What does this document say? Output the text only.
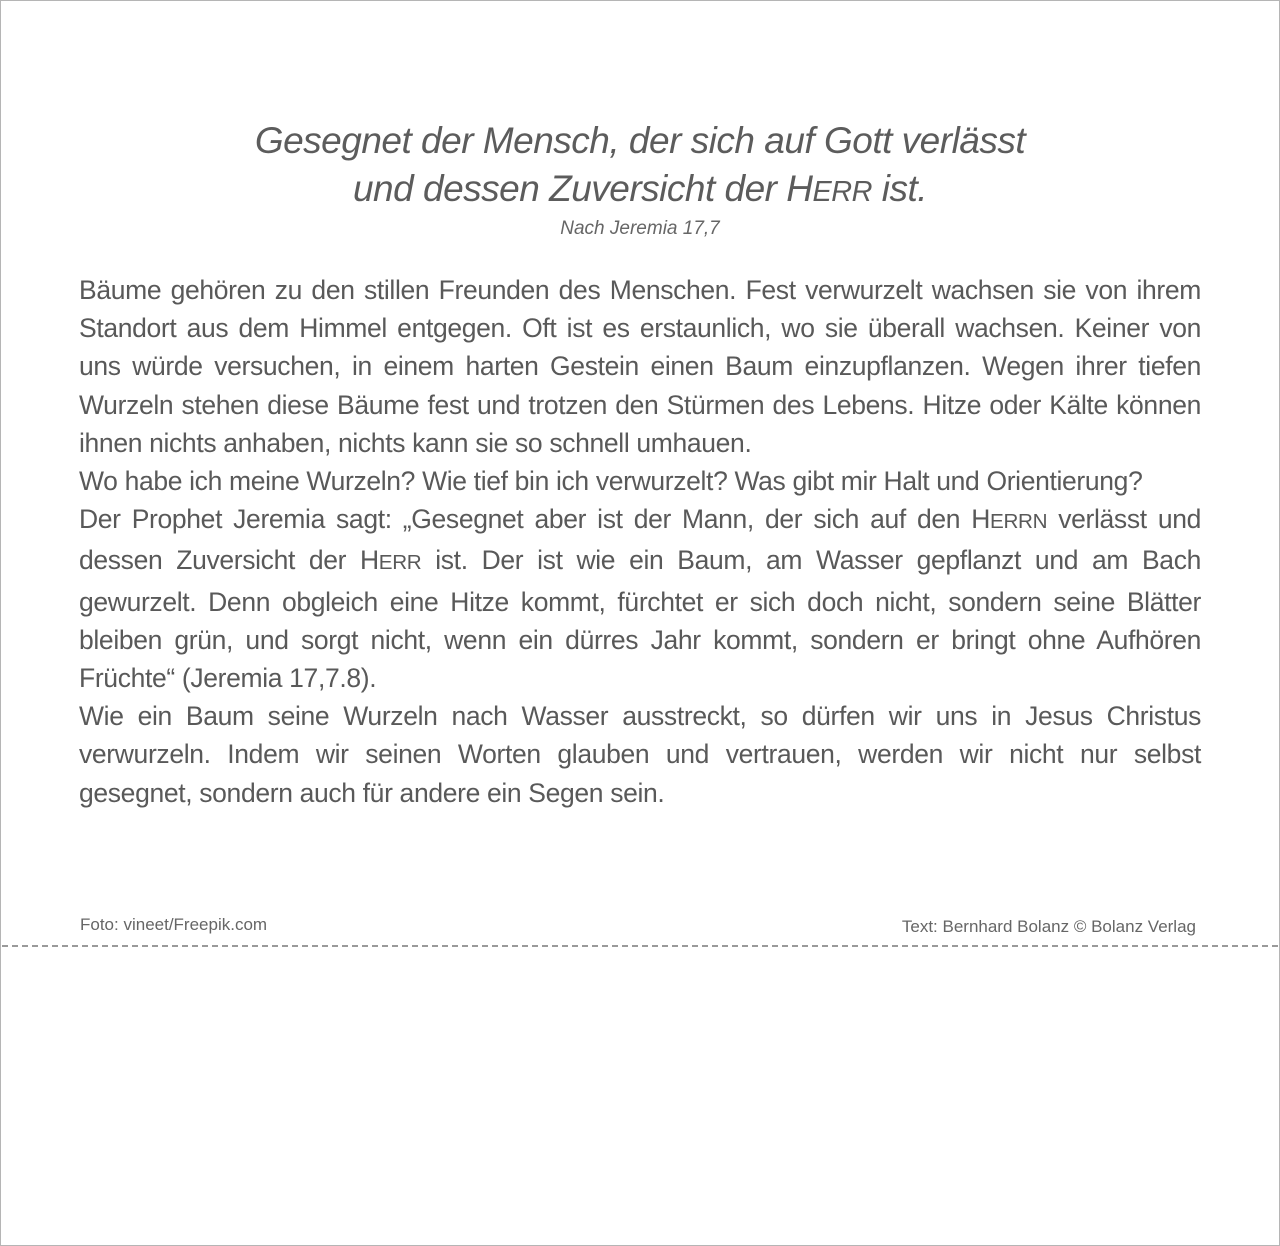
Gesegnet der Mensch, der sich auf Gott verlässt
und dessen Zuversicht der HERR ist.
Nach Jeremia 17,7

Bäume gehören zu den stillen Freunden des Menschen. Fest verwurzelt wachsen sie von ihrem Standort aus dem Himmel entgegen. Oft ist es erstaunlich, wo sie überall wachsen. Keiner von uns würde versuchen, in einem harten Gestein einen Baum einzupflanzen. Wegen ihrer tiefen Wurzeln stehen diese Bäume fest und trotzen den Stürmen des Lebens. Hitze oder Kälte können ihnen nichts anhaben, nichts kann sie so schnell umhauen.

Wo habe ich meine Wurzeln? Wie tief bin ich verwurzelt? Was gibt mir Halt und Orientierung?

Der Prophet Jeremia sagt: „Gesegnet aber ist der Mann, der sich auf den HERRN verlässt und dessen Zuversicht der HERR ist. Der ist wie ein Baum, am Wasser gepflanzt und am Bach gewurzelt. Denn obgleich eine Hitze kommt, fürchtet er sich doch nicht, sondern seine Blätter bleiben grün, und sorgt nicht, wenn ein dürres Jahr kommt, sondern er bringt ohne Aufhören Früchte“ (Jeremia 17,7.8).

Wie ein Baum seine Wurzeln nach Wasser ausstreckt, so dürfen wir uns in Jesus Christus verwurzeln. Indem wir seinen Worten glauben und vertrauen, werden wir nicht nur selbst gesegnet, sondern auch für andere ein Segen sein.

Foto: vineet/Freepik.com	Text: Bernhard Bolanz © Bolanz Verlag
